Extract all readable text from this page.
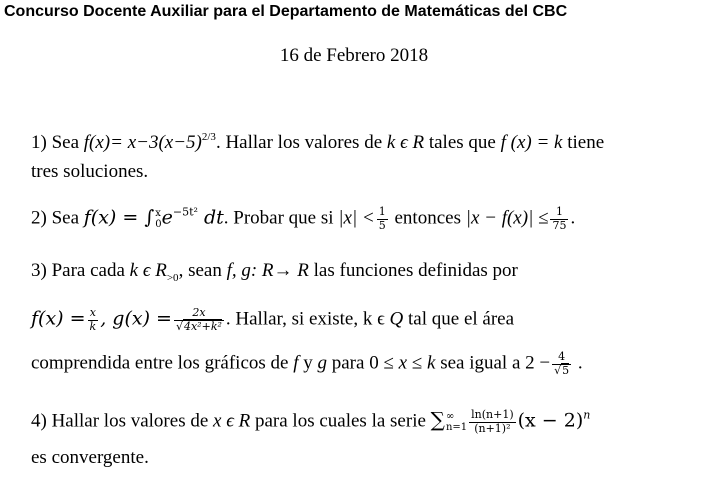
Concurso Docente Auxiliar para el Departamento de Matemáticas del CBC
16 de Febrero 2018
1) Sea $f(x)= x-3(x-5)^{2/3}$. Hallar los valores de k ϵ R tales que f (x) = k tiene
tres soluciones.
2) Sea f(x) = ∫ x
0 $e^{-5t^2}$ dt. Probar que si $|x| < \frac{1}{5}$ entonces $|x - f(x)| \le \frac{1}{75}$ .
3) Para cada k ϵ $R_{>0}$, sean f, g: R→ R las funciones definidas por
$f(x) = \frac{x}{k}$ , $g(x) = \frac{2x}{\text{√4x²+k²}}$ . Hallar, si existe, k ϵ Q tal que el área
comprendida entre los gráficos de f y g para 0 ≤ x ≤ k sea igual a $2 - \frac{4}{√5}$ .
4) Hallar los valores de x ϵ R para los cuales la serie ∑ ∞
$n=1 \frac{\ln(n+1)}{\text{(n+1)²}} (x - 2)^n$
es convergente.
